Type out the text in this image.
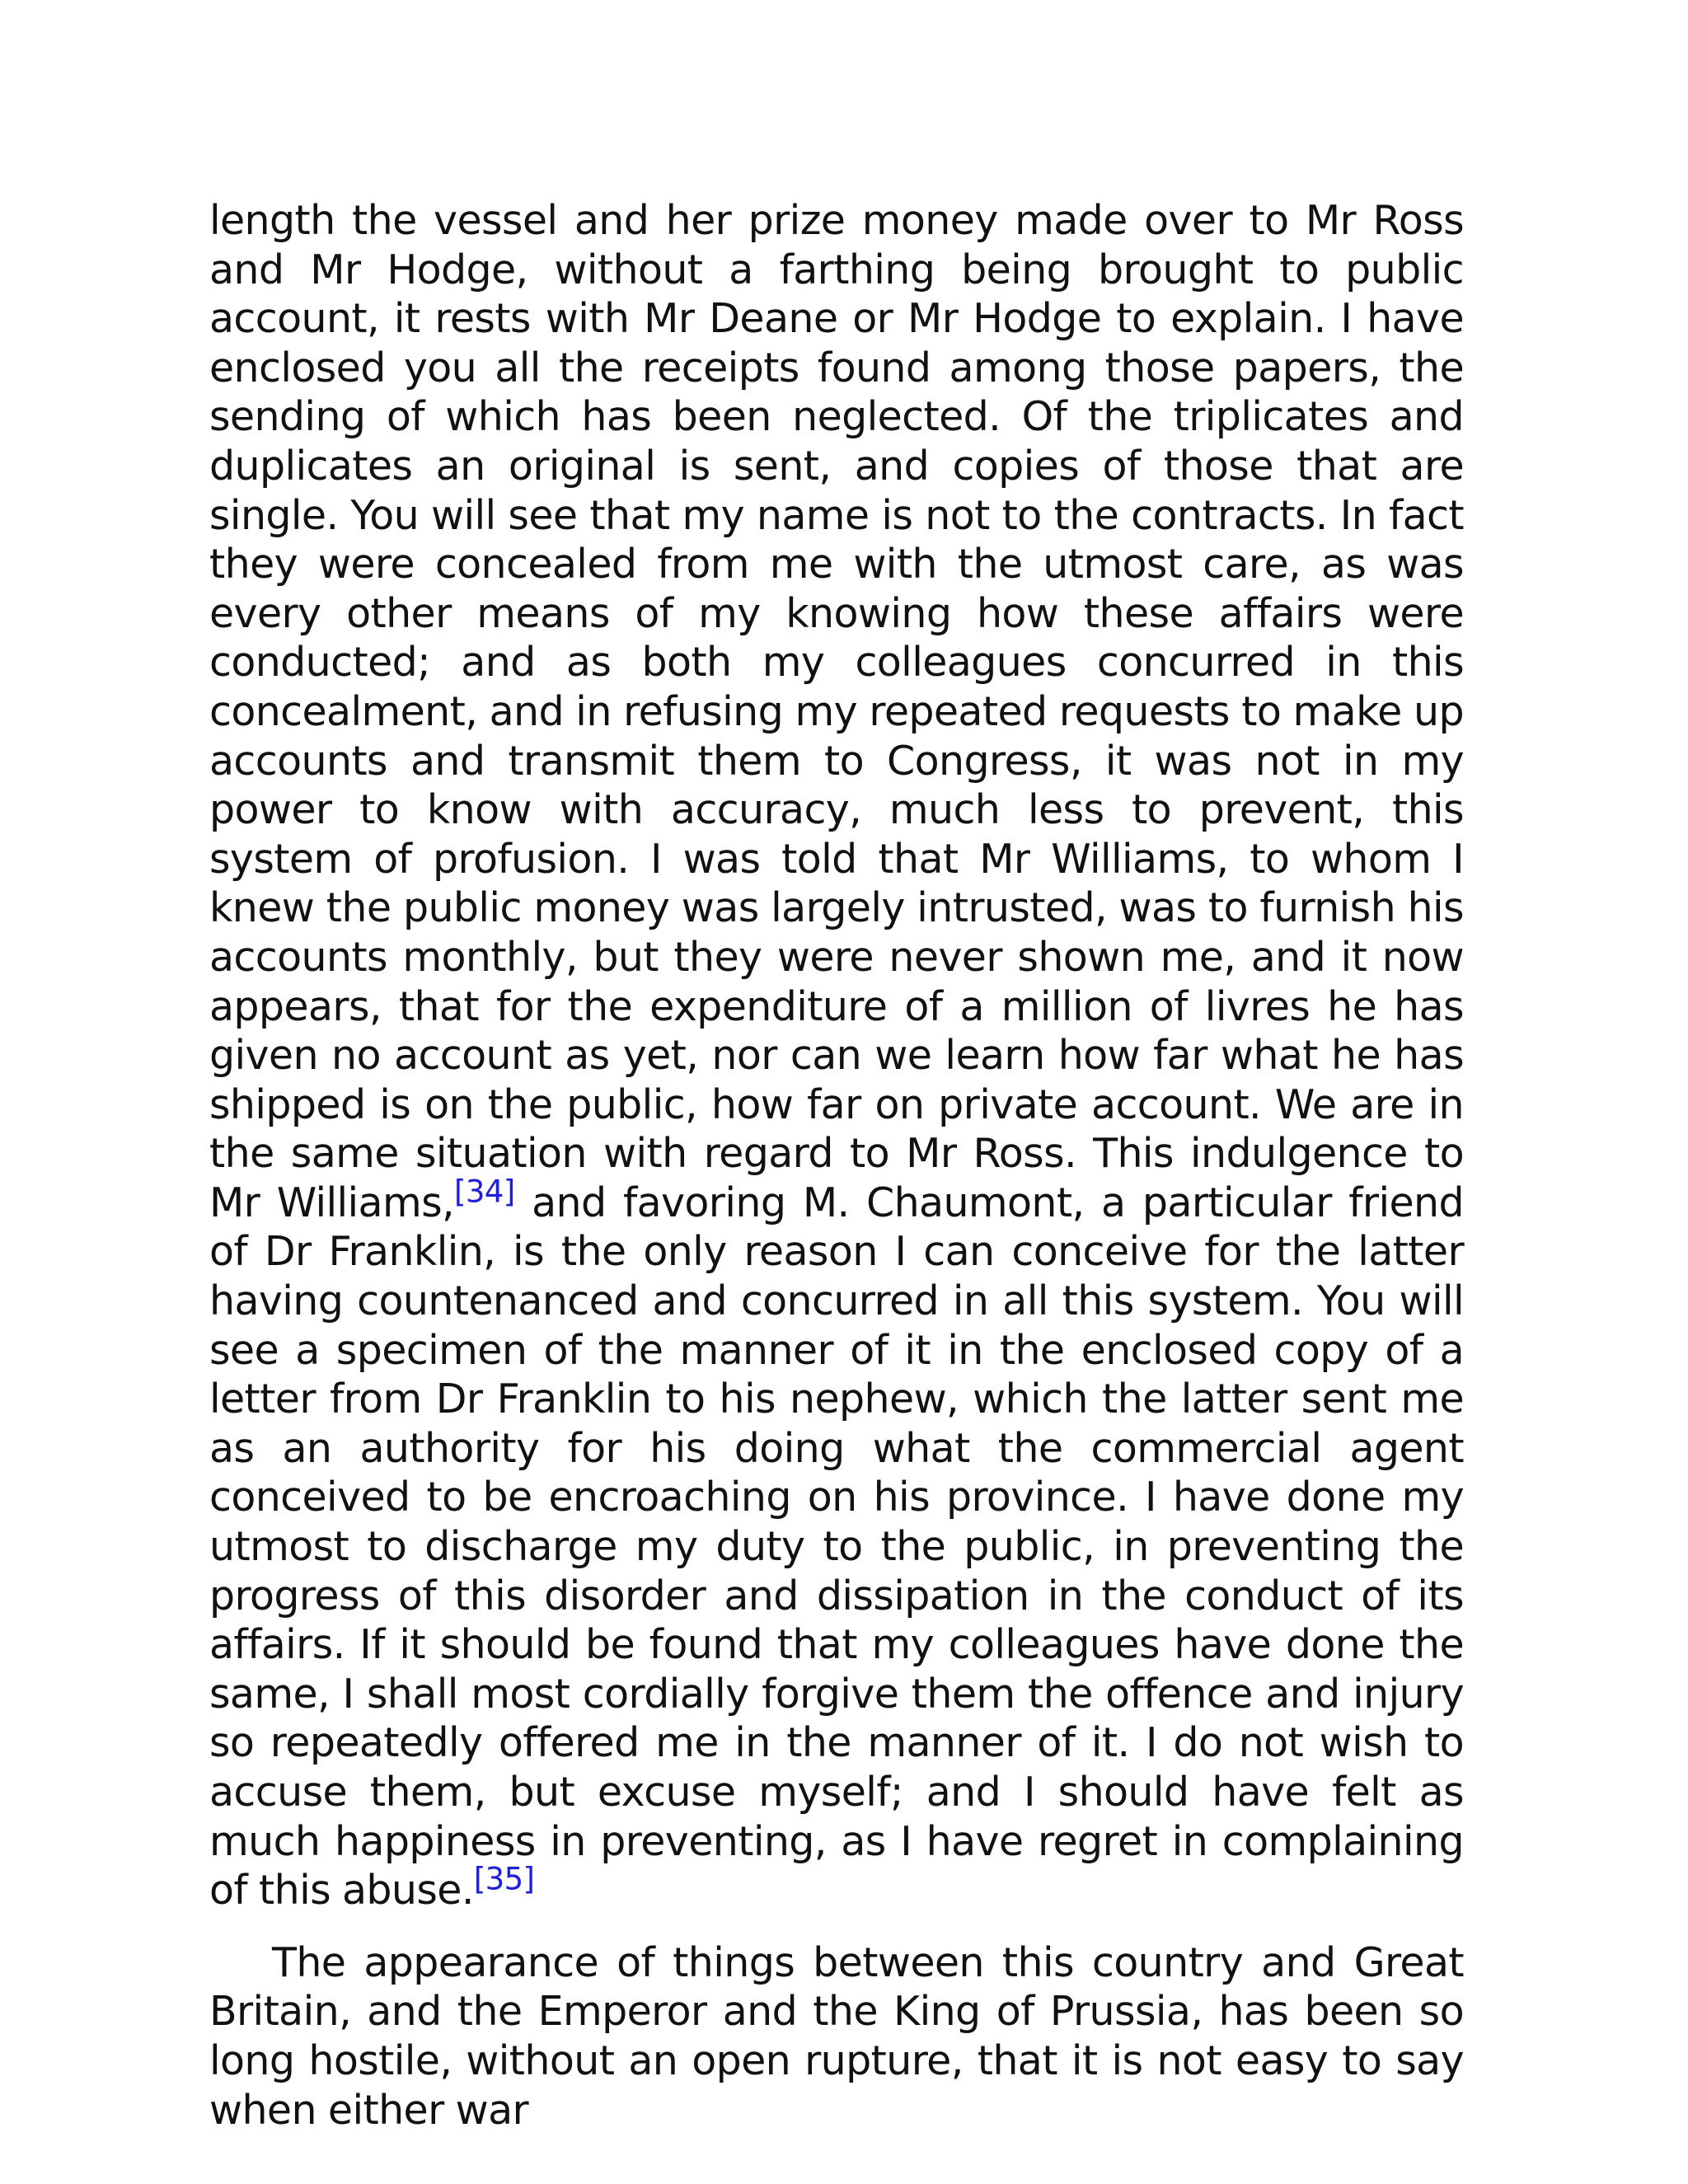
length the vessel and her prize money made over to Mr Ross and Mr Hodge, without a farthing being brought to public account, it rests with Mr Deane or Mr Hodge to explain. I have enclosed you all the receipts found among those papers, the sending of which has been neglected. Of the triplicates and duplicates an original is sent, and copies of those that are single. You will see that my name is not to the contracts. In fact they were concealed from me with the utmost care, as was every other means of my knowing how these affairs were conducted; and as both my colleagues concurred in this concealment, and in refusing my repeated requests to make up accounts and transmit them to Congress, it was not in my power to know with accuracy, much less to prevent, this system of profusion. I was told that Mr Williams, to whom I knew the public money was largely intrusted, was to furnish his accounts monthly, but they were never shown me, and it now appears, that for the expenditure of a million of livres he has given no account as yet, nor can we learn how far what he has shipped is on the public, how far on private account. We are in the same situation with regard to Mr Ross. This indulgence to Mr Williams,[34] and favoring M. Chaumont, a particular friend of Dr Franklin, is the only reason I can conceive for the latter having countenanced and concurred in all this system. You will see a specimen of the manner of it in the enclosed copy of a letter from Dr Franklin to his nephew, which the latter sent me as an authority for his doing what the commercial agent conceived to be encroaching on his province. I have done my utmost to discharge my duty to the public, in preventing the progress of this disorder and dissipation in the conduct of its affairs. If it should be found that my colleagues have done the same, I shall most cordially forgive them the offence and injury so repeatedly offered me in the manner of it. I do not wish to accuse them, but excuse myself; and I should have felt as much happiness in preventing, as I have regret in complaining of this abuse.[35]

The appearance of things between this country and Great Britain, and the Emperor and the King of Prussia, has been so long hostile, without an open rupture, that it is not easy to say when either war
